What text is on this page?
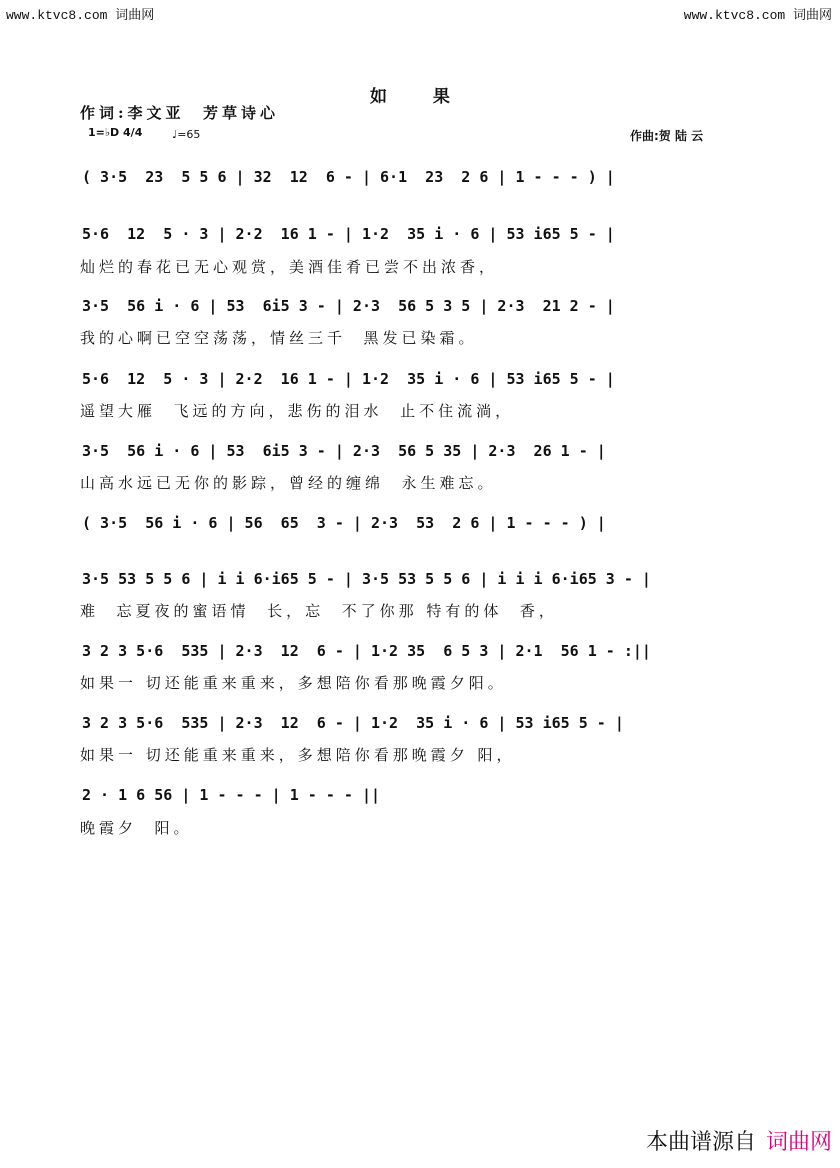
www.ktvc8.com 词曲网	www.ktvc8.com 词曲网
如 果
作词:李文亚  芳草诗心
作曲:贺 陆 云
1=♭D 4/4	♩=65
( 3·5  23  5 5 6 | 32  12  6 - | 6·1  23  2 6 | 1 - - - ) |
5·6  12  5 · 3 | 2·2  16 1 - | 1·2  35 i · 6 | 53 i65 5 - |
灿烂的春花已无心观赏，美酒佳肴已尝不出浓香，
3·5  56 i · 6 | 53  6i5 3 - | 2·3  56 5 3 5 | 2·3  21 2 - |
我的心啊已空空荡荡，情丝三千  黑发已染霜。
5·6  12  5 · 3 | 2·2  16 1 - | 1·2  35 i · 6 | 53 i65 5 - |
遥望大雁  飞远的方向，悲伤的泪水  止不住流淌，
3·5  56 i · 6 | 53  6i5 3 - | 2·3  56 5 35 | 2·3  26 1 - |
山高水远已无你的影踪，曾经的缠绵  永生难忘。
( 3·5  56 i · 6 | 56  65  3 - | 2·3  53  2 6 | 1 - - - ) |
3·5 53 5 5 6 | i i 6·i65 5 - | 3·5 53 5 5 6 | i i i 6·i65 3 - |
难  忘夏夜的蜜语情  长，忘  不了你那 特有的体  香，
3 2 3 5·6  535 | 2·3  12  6 - | 1·2 35  6 5 3 | 2·1  56 1 - :||
如果一 切还能重来重来，多想陪你看那晚霞夕阳。
3 2 3 5·6  535 | 2·3  12  6 - | 1·2  35 i · 6 | 53 i65 5 - |
如果一 切还能重来重来，多想陪你看那晚霞夕 阳，
2 · 1 6 56 | 1 - - - | 1 - - - ||
晚霞夕  阳。
本曲谱源自 词曲网
